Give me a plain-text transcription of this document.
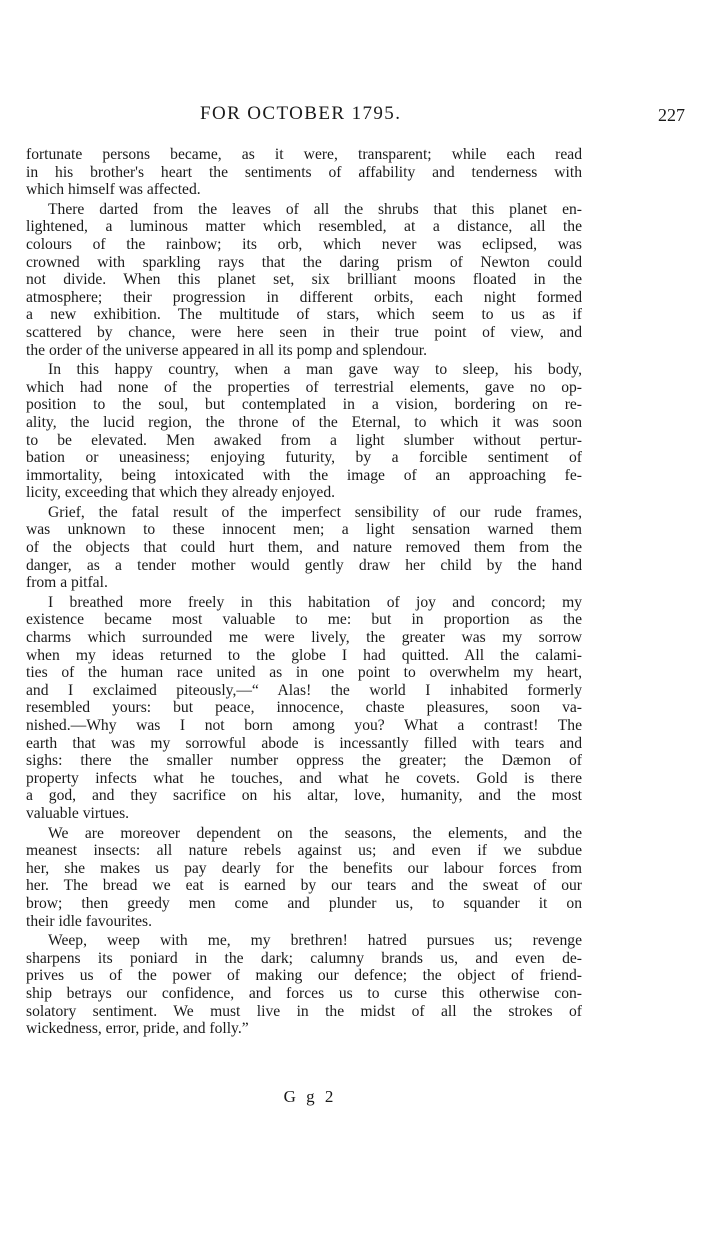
FOR OCTOBER 1795.	227
fortunate persons became, as it were, transparent; while each read
in his brother's heart the sentiments of affability and tenderness with
which himself was affected.
There darted from the leaves of all the shrubs that this planet en-
lightened, a luminous matter which resembled, at a distance, all the
colours of the rainbow; its orb, which never was eclipsed, was
crowned with sparkling rays that the daring prism of Newton could
not divide. When this planet set, six brilliant moons floated in the
atmosphere; their progression in different orbits, each night formed
a new exhibition. The multitude of stars, which seem to us as if
scattered by chance, were here seen in their true point of view, and
the order of the universe appeared in all its pomp and splendour.
In this happy country, when a man gave way to sleep, his body,
which had none of the properties of terrestrial elements, gave no op-
position to the soul, but contemplated in a vision, bordering on re-
ality, the lucid region, the throne of the Eternal, to which it was soon
to be elevated. Men awaked from a light slumber without pertur-
bation or uneasiness; enjoying futurity, by a forcible sentiment of
immortality, being intoxicated with the image of an approaching fe-
licity, exceeding that which they already enjoyed.
Grief, the fatal result of the imperfect sensibility of our rude frames,
was unknown to these innocent men; a light sensation warned them
of the objects that could hurt them, and nature removed them from the
danger, as a tender mother would gently draw her child by the hand
from a pitfal.
I breathed more freely in this habitation of joy and concord; my
existence became most valuable to me: but in proportion as the
charms which surrounded me were lively, the greater was my sorrow
when my ideas returned to the globe I had quitted. All the calami-
ties of the human race united as in one point to overwhelm my heart,
and I exclaimed piteously,—“ Alas! the world I inhabited formerly
resembled yours: but peace, innocence, chaste pleasures, soon va-
nished.—Why was I not born among you? What a contrast! The
earth that was my sorrowful abode is incessantly filled with tears and
sighs: there the smaller number oppress the greater; the Dæmon of
property infects what he touches, and what he covets. Gold is there
a god, and they sacrifice on his altar, love, humanity, and the most
valuable virtues.
We are moreover dependent on the seasons, the elements, and the
meanest insects: all nature rebels against us; and even if we subdue
her, she makes us pay dearly for the benefits our labour forces from
her. The bread we eat is earned by our tears and the sweat of our
brow; then greedy men come and plunder us, to squander it on
their idle favourites.
Weep, weep with me, my brethren! hatred pursues us; revenge
sharpens its poniard in the dark; calumny brands us, and even de-
prives us of the power of making our defence; the object of friend-
ship betrays our confidence, and forces us to curse this otherwise con-
solatory sentiment. We must live in the midst of all the strokes of
wickedness, error, pride, and folly.”
G g 2
